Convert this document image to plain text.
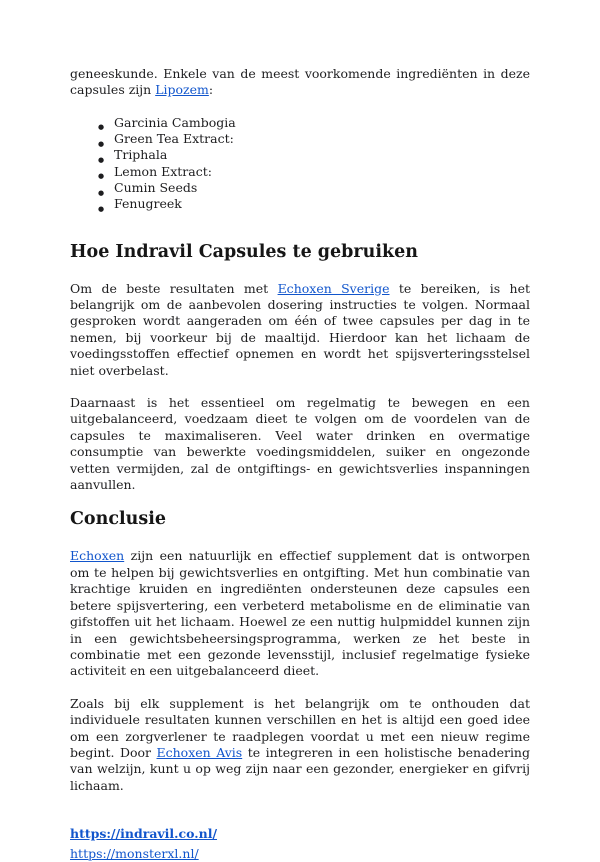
geneeskunde. Enkele van de meest voorkomende ingrediënten in deze capsules zijn Lipozem:

● Garcinia Cambogia
● Green Tea Extract:
● Triphala
● Lemon Extract:
● Cumin Seeds
● Fenugreek
Hoe Indravil Capsules te gebruiken

Om de beste resultaten met Echoxen Sverige te bereiken, is het belangrijk om de aanbevolen dosering instructies te volgen. Normaal gesproken wordt aangeraden om één of twee capsules per dag in te nemen, bij voorkeur bij de maaltijd. Hierdoor kan het lichaam de voedingsstoffen effectief opnemen en wordt het spijsverteringsstelsel niet overbelast.

Daarnaast is het essentieel om regelmatig te bewegen en een uitgebalanceerd, voedzaam dieet te volgen om de voordelen van de capsules te maximaliseren. Veel water drinken en overmatige consumptie van bewerkte voedingsmiddelen, suiker en ongezonde vetten vermijden, zal de ontgiftings- en gewichtsverlies inspanningen aanvullen.

Conclusie

Echoxen zijn een natuurlijk en effectief supplement dat is ontworpen om te helpen bij gewichtsverlies en ontgifting. Met hun combinatie van krachtige kruiden en ingrediënten ondersteunen deze capsules een betere spijsvertering, een verbeterd metabolisme en de eliminatie van gifstoffen uit het lichaam. Hoewel ze een nuttig hulpmiddel kunnen zijn in een gewichtsbeheersingsprogramma, werken ze het beste in combinatie met een gezonde levensstijl, inclusief regelmatige fysieke activiteit en een uitgebalanceerd dieet.

Zoals bij elk supplement is het belangrijk om te onthouden dat individuele resultaten kunnen verschillen en het is altijd een goed idee om een zorgverlener te raadplegen voordat u met een nieuw regime begint. Door Echoxen Avis te integreren in een holistische benadering van welzijn, kunt u op weg zijn naar een gezonder, energieker en gifvrij lichaam.

https://indravil.co.nl/
https://monsterxl.nl/
